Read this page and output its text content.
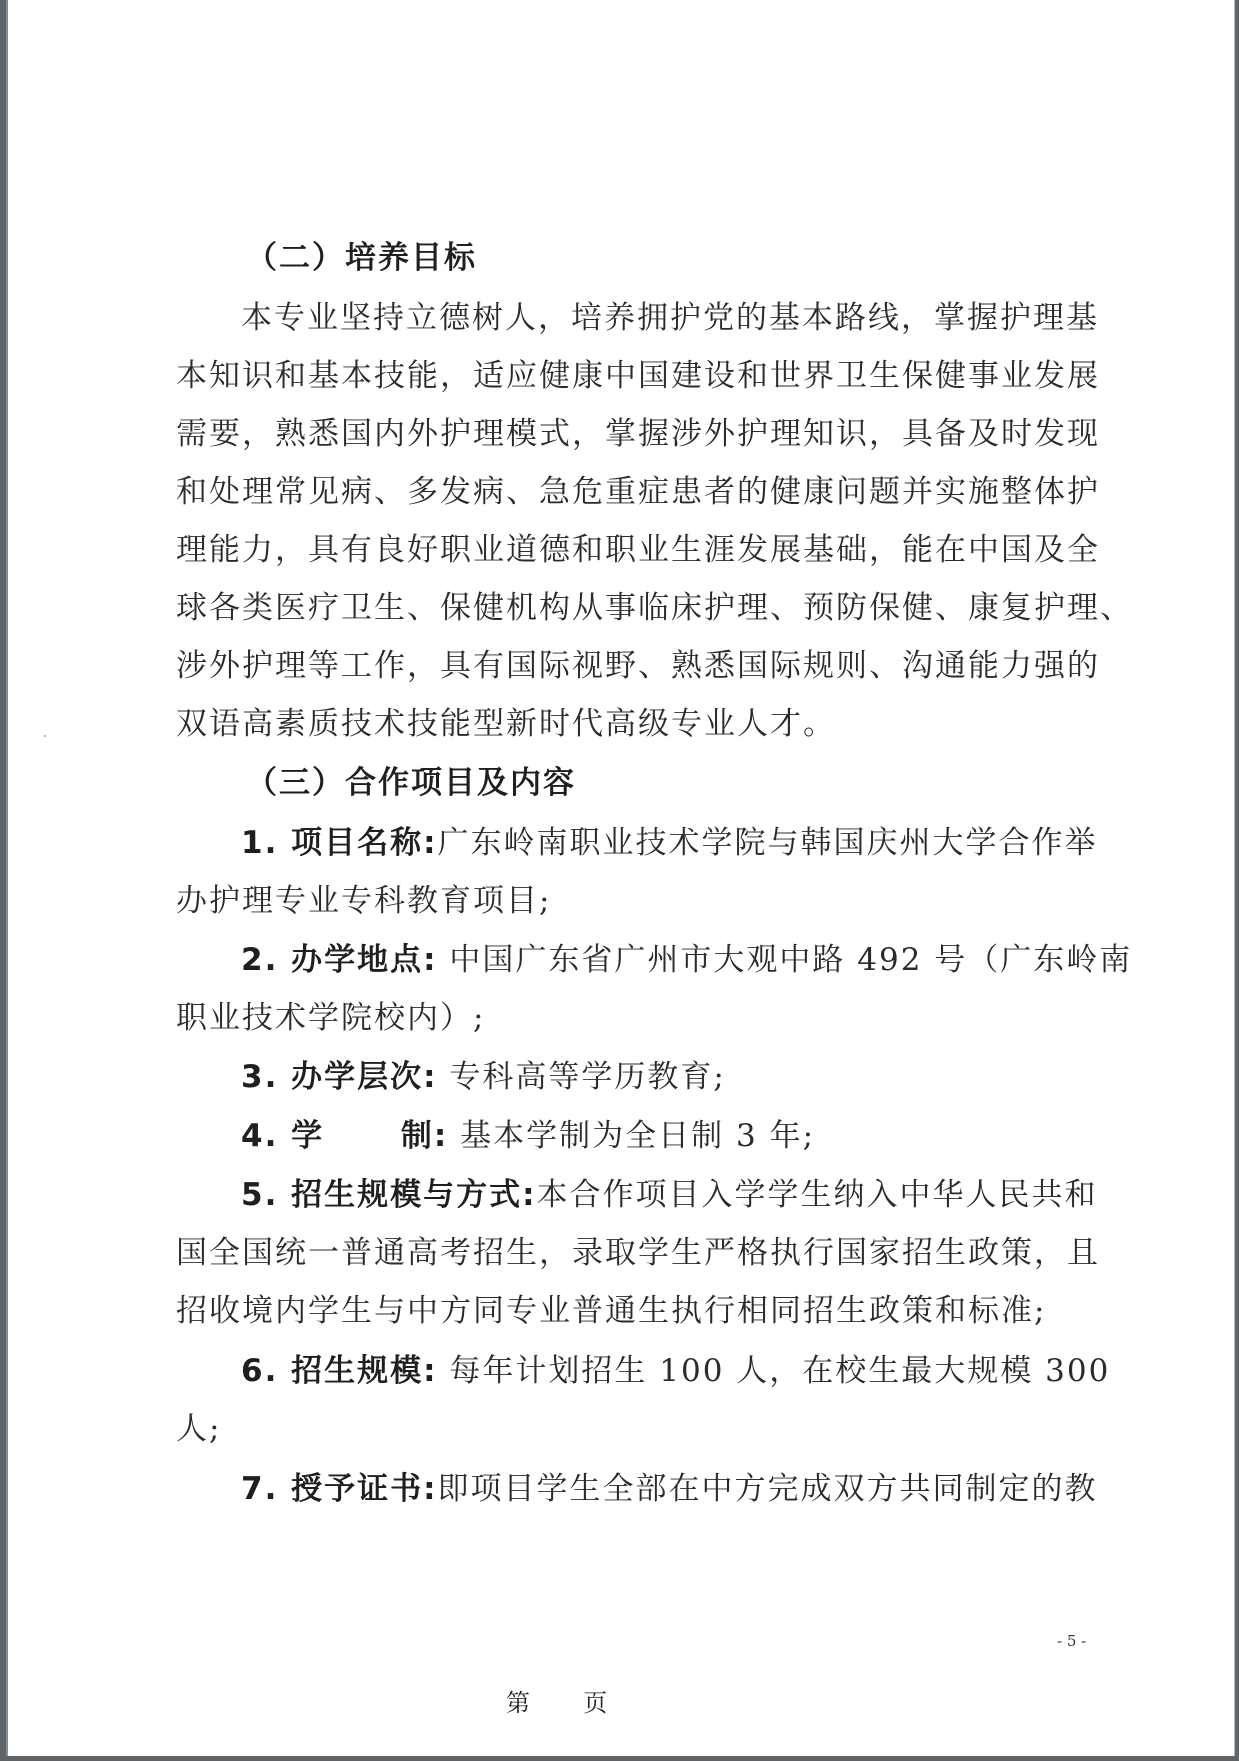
（二）培养目标
本专业坚持立德树人，培养拥护党的基本路线，掌握护理基
本知识和基本技能，适应健康中国建设和世界卫生保健事业发展
需要，熟悉国内外护理模式，掌握涉外护理知识，具备及时发现
和处理常见病、多发病、急危重症患者的健康问题并实施整体护
理能力，具有良好职业道德和职业生涯发展基础，能在中国及全
球各类医疗卫生、保健机构从事临床护理、预防保健、康复护理、
涉外护理等工作，具有国际视野、熟悉国际规则、沟通能力强的
双语高素质技术技能型新时代高级专业人才。
（三）合作项目及内容
1. 项目名称:广东岭南职业技术学院与韩国庆州大学合作举
办护理专业专科教育项目;
2. 办学地点: 中国广东省广州市大观中路 492 号（广东岭南
职业技术学院校内）;
3. 办学层次: 专科高等学历教育;
4. 学      制: 基本学制为全日制 3 年;
5. 招生规模与方式:本合作项目入学学生纳入中华人民共和
国全国统一普通高考招生，录取学生严格执行国家招生政策，且
招收境内学生与中方同专业普通生执行相同招生政策和标准;
6. 招生规模: 每年计划招生 100 人，在校生最大规模 300
人;
7. 授予证书:即项目学生全部在中方完成双方共同制定的教
- 5 -
第 页
